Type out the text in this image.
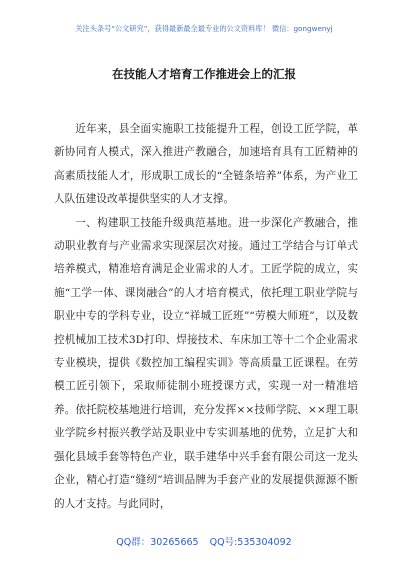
关注头条号“公文研究”，获得最新最全最专业的公文资料库！ 微信：gongwenyj
在技能人才培育工作推进会上的汇报

近年来，县全面实施职工技能提升工程，创设工匠学院，革新协同育人模式，深入推进产教融合，加速培育具有工匠精神的高素质技能人才，形成职工成长的“全链条培养”体系，为产业工人队伍建设改革提供坚实的人才支撑。

一、构建职工技能升级典范基地。进一步深化产教融合，推动职业教育与产业需求实现深层次对接。通过工学结合与订单式培养模式，精准培育满足企业需求的人才。工匠学院的成立，实施“工学一体、课岗融合”的人才培育模式，依托理工职业学院与职业中专的学科专业，设立“祥城工匠班”“劳模大师班”，以及数控机械加工技术3D打印、焊接技术、车床加工等十二个企业需求专业模块，提供《数控加工编程实训》等高质量工匠课程。在劳模工匠引领下，采取师徒制小班授课方式，实现一对一精准培养。依托院校基地进行培训，充分发挥××技师学院、××理工职业学院乡村振兴教学站及职业中专实训基地的优势，立足扩大和强化县域手套等特色产业，联手建华中兴手套有限公司这一龙头企业，精心打造“缝纫”培训品牌为手套产业的发展提供源源不断的人才支持。与此同时，

QQ群：30265665 QQ号:535304092
